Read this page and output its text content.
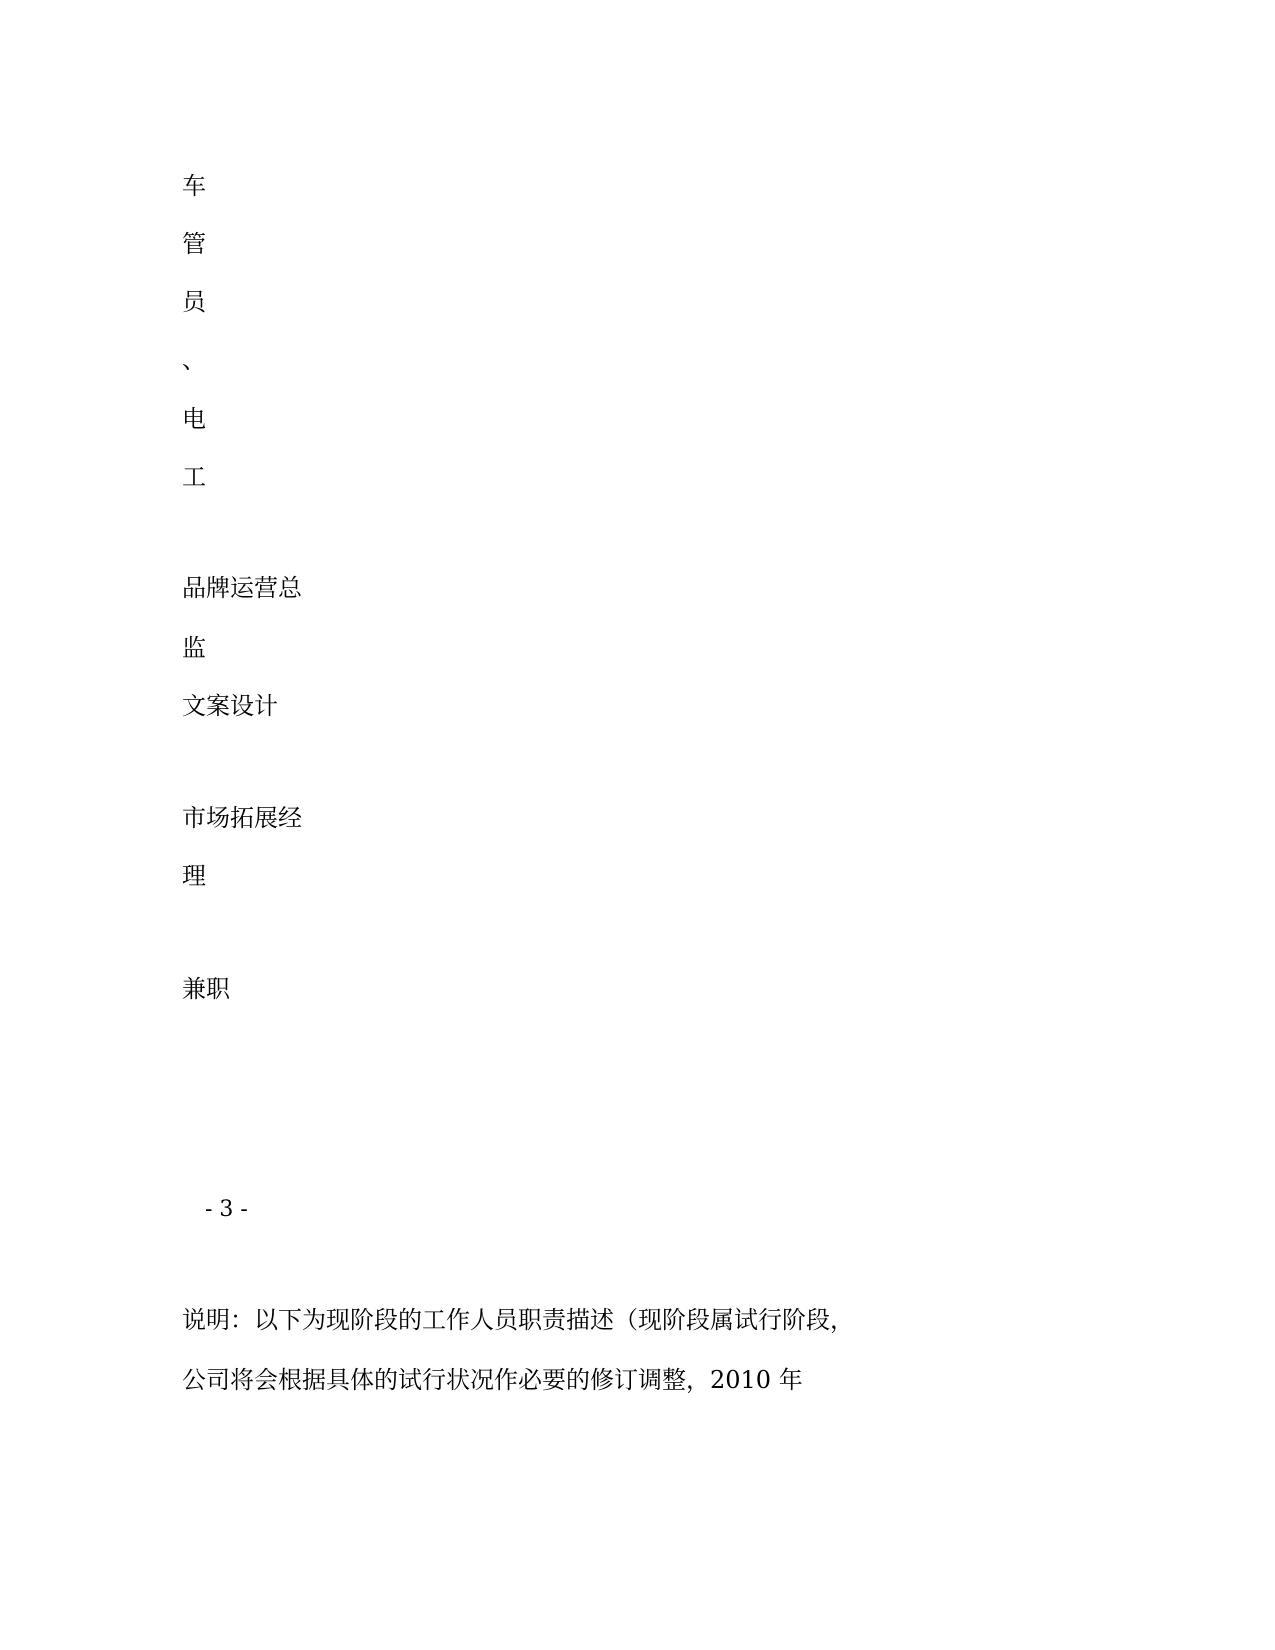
车
管
员
、
电
工
品牌运营总
监
文案设计
市场拓展经
理
兼职
- 3 -
说明：以下为现阶段的工作人员职责描述（现阶段属试行阶段，
公司将会根据具体的试行状况作必要的修订调整，2010 年
